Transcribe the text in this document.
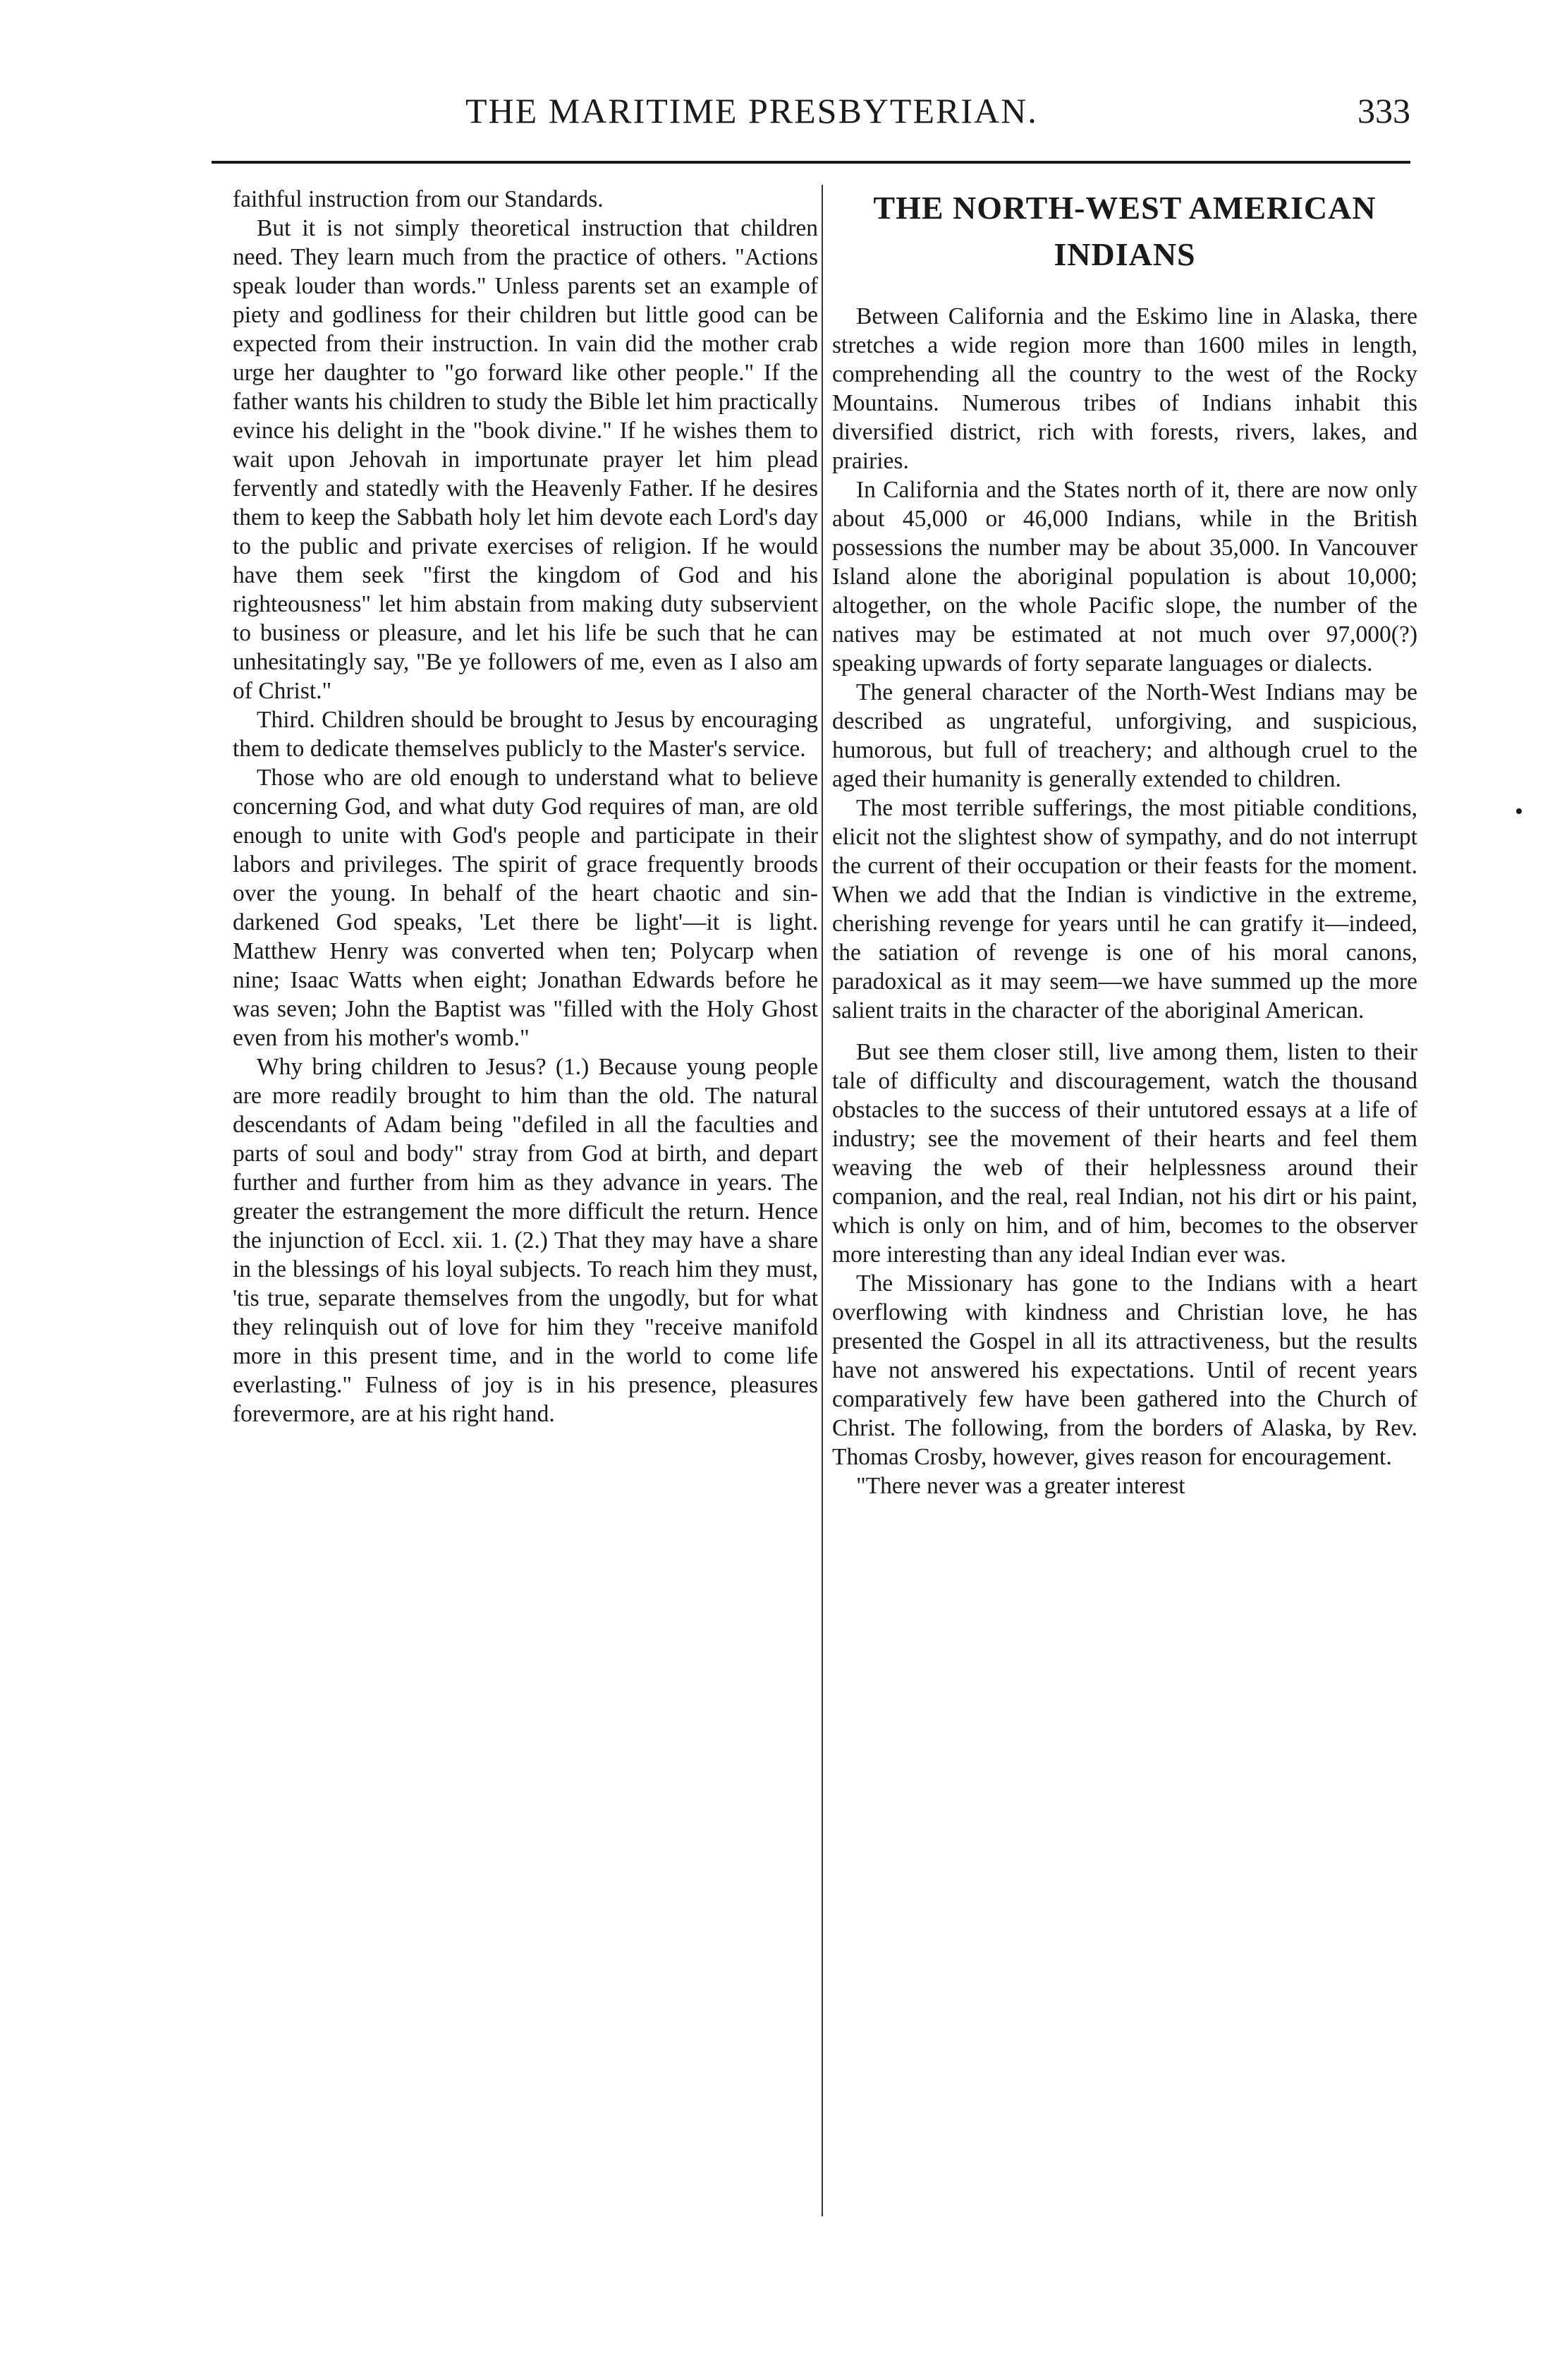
THE MARITIME PRESBYTERIAN.	333

faithful instruction from our Standards.

But it is not simply theoretical instruction that children need. They learn much from the practice of others. "Actions speak louder than words." Unless parents set an example of piety and godliness for their children but little good can be expected from their instruction. In vain did the mother crab urge her daughter to "go forward like other people." If the father wants his children to study the Bible let him practically evince his delight in the "book divine." If he wishes them to wait upon Jehovah in importunate prayer let him plead fervently and statedly with the Heavenly Father. If he desires them to keep the Sabbath holy let him devote each Lord's day to the public and private exercises of religion. If he would have them seek "first the kingdom of God and his righteousness" let him abstain from making duty subservient to business or pleasure, and let his life be such that he can unhesitatingly say, "Be ye followers of me, even as I also am of Christ."

Third. Children should be brought to Jesus by encouraging them to dedicate themselves publicly to the Master's service.

Those who are old enough to understand what to believe concerning God, and what duty God requires of man, are old enough to unite with God's people and participate in their labors and privileges. The spirit of grace frequently broods over the young. In behalf of the heart chaotic and sin-darkened God speaks, 'Let there be light'—it is light. Matthew Henry was converted when ten; Polycarp when nine; Isaac Watts when eight; Jonathan Edwards before he was seven; John the Baptist was "filled with the Holy Ghost even from his mother's womb."

Why bring children to Jesus? (1.) Because young people are more readily brought to him than the old. The natural descendants of Adam being "defiled in all the faculties and parts of soul and body" stray from God at birth, and depart further and further from him as they advance in years. The greater the estrangement the more difficult the return. Hence the injunction of Eccl. xii. 1. (2.) That they may have a share in the blessings of his loyal subjects. To reach him they must, 'tis true, separate themselves from the ungodly, but for what they relinquish out of love for him they "receive manifold more in this present time, and in the world to come life everlasting." Fulness of joy is in his presence, pleasures forevermore, are at his right hand.

THE NORTH-WEST AMERICAN INDIANS

Between California and the Eskimo line in Alaska, there stretches a wide region more than 1600 miles in length, comprehending all the country to the west of the Rocky Mountains. Numerous tribes of Indians inhabit this diversified district, rich with forests, rivers, lakes, and prairies.

In California and the States north of it, there are now only about 45,000 or 46,000 Indians, while in the British possessions the number may be about 35,000. In Vancouver Island alone the aboriginal population is about 10,000; altogether, on the whole Pacific slope, the number of the natives may be estimated at not much over 97,000(?) speaking upwards of forty separate languages or dialects.

The general character of the North-West Indians may be described as ungrateful, unforgiving, and suspicious, humorous, but full of treachery; and although cruel to the aged their humanity is generally extended to children.

The most terrible sufferings, the most pitiable conditions, elicit not the slightest show of sympathy, and do not interrupt the current of their occupation or their feasts for the moment. When we add that the Indian is vindictive in the extreme, cherishing revenge for years until he can gratify it—indeed, the satiation of revenge is one of his moral canons, paradoxical as it may seem—we have summed up the more salient traits in the character of the aboriginal American.

But see them closer still, live among them, listen to their tale of difficulty and discouragement, watch the thousand obstacles to the success of their untutored essays at a life of industry; see the movement of their hearts and feel them weaving the web of their helplessness around their companion, and the real, real Indian, not his dirt or his paint, which is only on him, and of him, becomes to the observer more interesting than any ideal Indian ever was.

The Missionary has gone to the Indians with a heart overflowing with kindness and Christian love, he has presented the Gospel in all its attractiveness, but the results have not answered his expectations. Until of recent years comparatively few have been gathered into the Church of Christ. The following, from the borders of Alaska, by Rev. Thomas Crosby, however, gives reason for encouragement.

"There never was a greater interest
